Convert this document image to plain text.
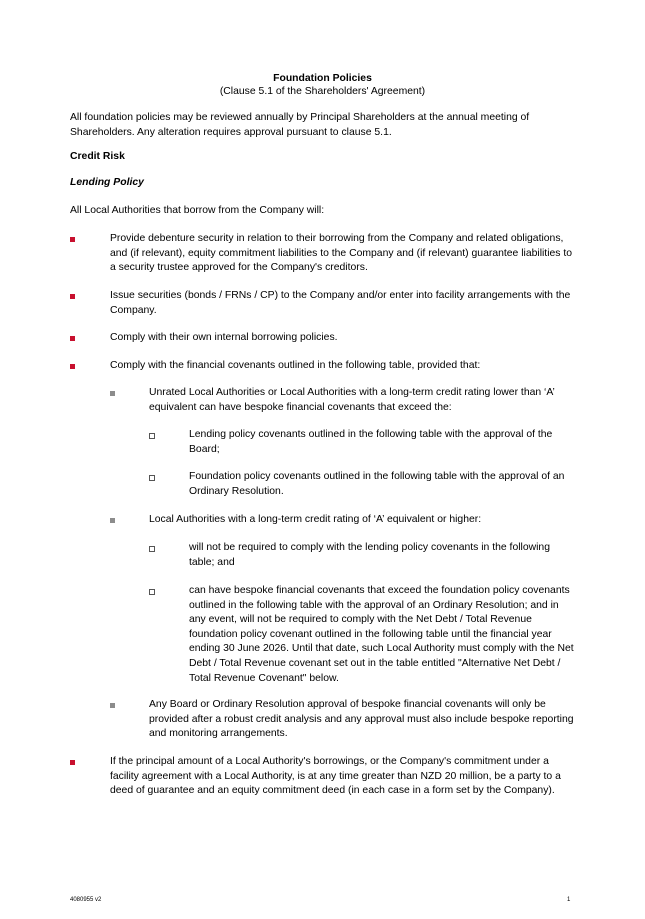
Foundation Policies
(Clause 5.1 of the Shareholders' Agreement)
All foundation policies may be reviewed annually by Principal Shareholders at the annual meeting of Shareholders. Any alteration requires approval pursuant to clause 5.1.
Credit Risk
Lending Policy
All Local Authorities that borrow from the Company will:
Provide debenture security in relation to their borrowing from the Company and related obligations, and (if relevant), equity commitment liabilities to the Company and (if relevant) guarantee liabilities to a security trustee approved for the Company's creditors.
Issue securities (bonds / FRNs / CP) to the Company and/or enter into facility arrangements with the Company.
Comply with their own internal borrowing policies.
Comply with the financial covenants outlined in the following table, provided that:
Unrated Local Authorities or Local Authorities with a long-term credit rating lower than ‘A’ equivalent can have bespoke financial covenants that exceed the:
Lending policy covenants outlined in the following table with the approval of the Board;
Foundation policy covenants outlined in the following table with the approval of an Ordinary Resolution.
Local Authorities with a long-term credit rating of ‘A’ equivalent or higher:
will not be required to comply with the lending policy covenants in the following table; and
can have bespoke financial covenants that exceed the foundation policy covenants outlined in the following table with the approval of an Ordinary Resolution; and in any event, will not be required to comply with the Net Debt / Total Revenue foundation policy covenant outlined in the following table until the financial year ending 30 June 2026. Until that date, such Local Authority must comply with the Net Debt / Total Revenue covenant set out in the table entitled "Alternative Net Debt / Total Revenue Covenant" below.
Any Board or Ordinary Resolution approval of bespoke financial covenants will only be provided after a robust credit analysis and any approval must also include bespoke reporting and monitoring arrangements.
If the principal amount of a Local Authority's borrowings, or the Company's commitment under a facility agreement with a Local Authority, is at any time greater than NZD 20 million, be a party to a deed of guarantee and an equity commitment deed (in each case in a form set by the Company).
4080955 v2	1
